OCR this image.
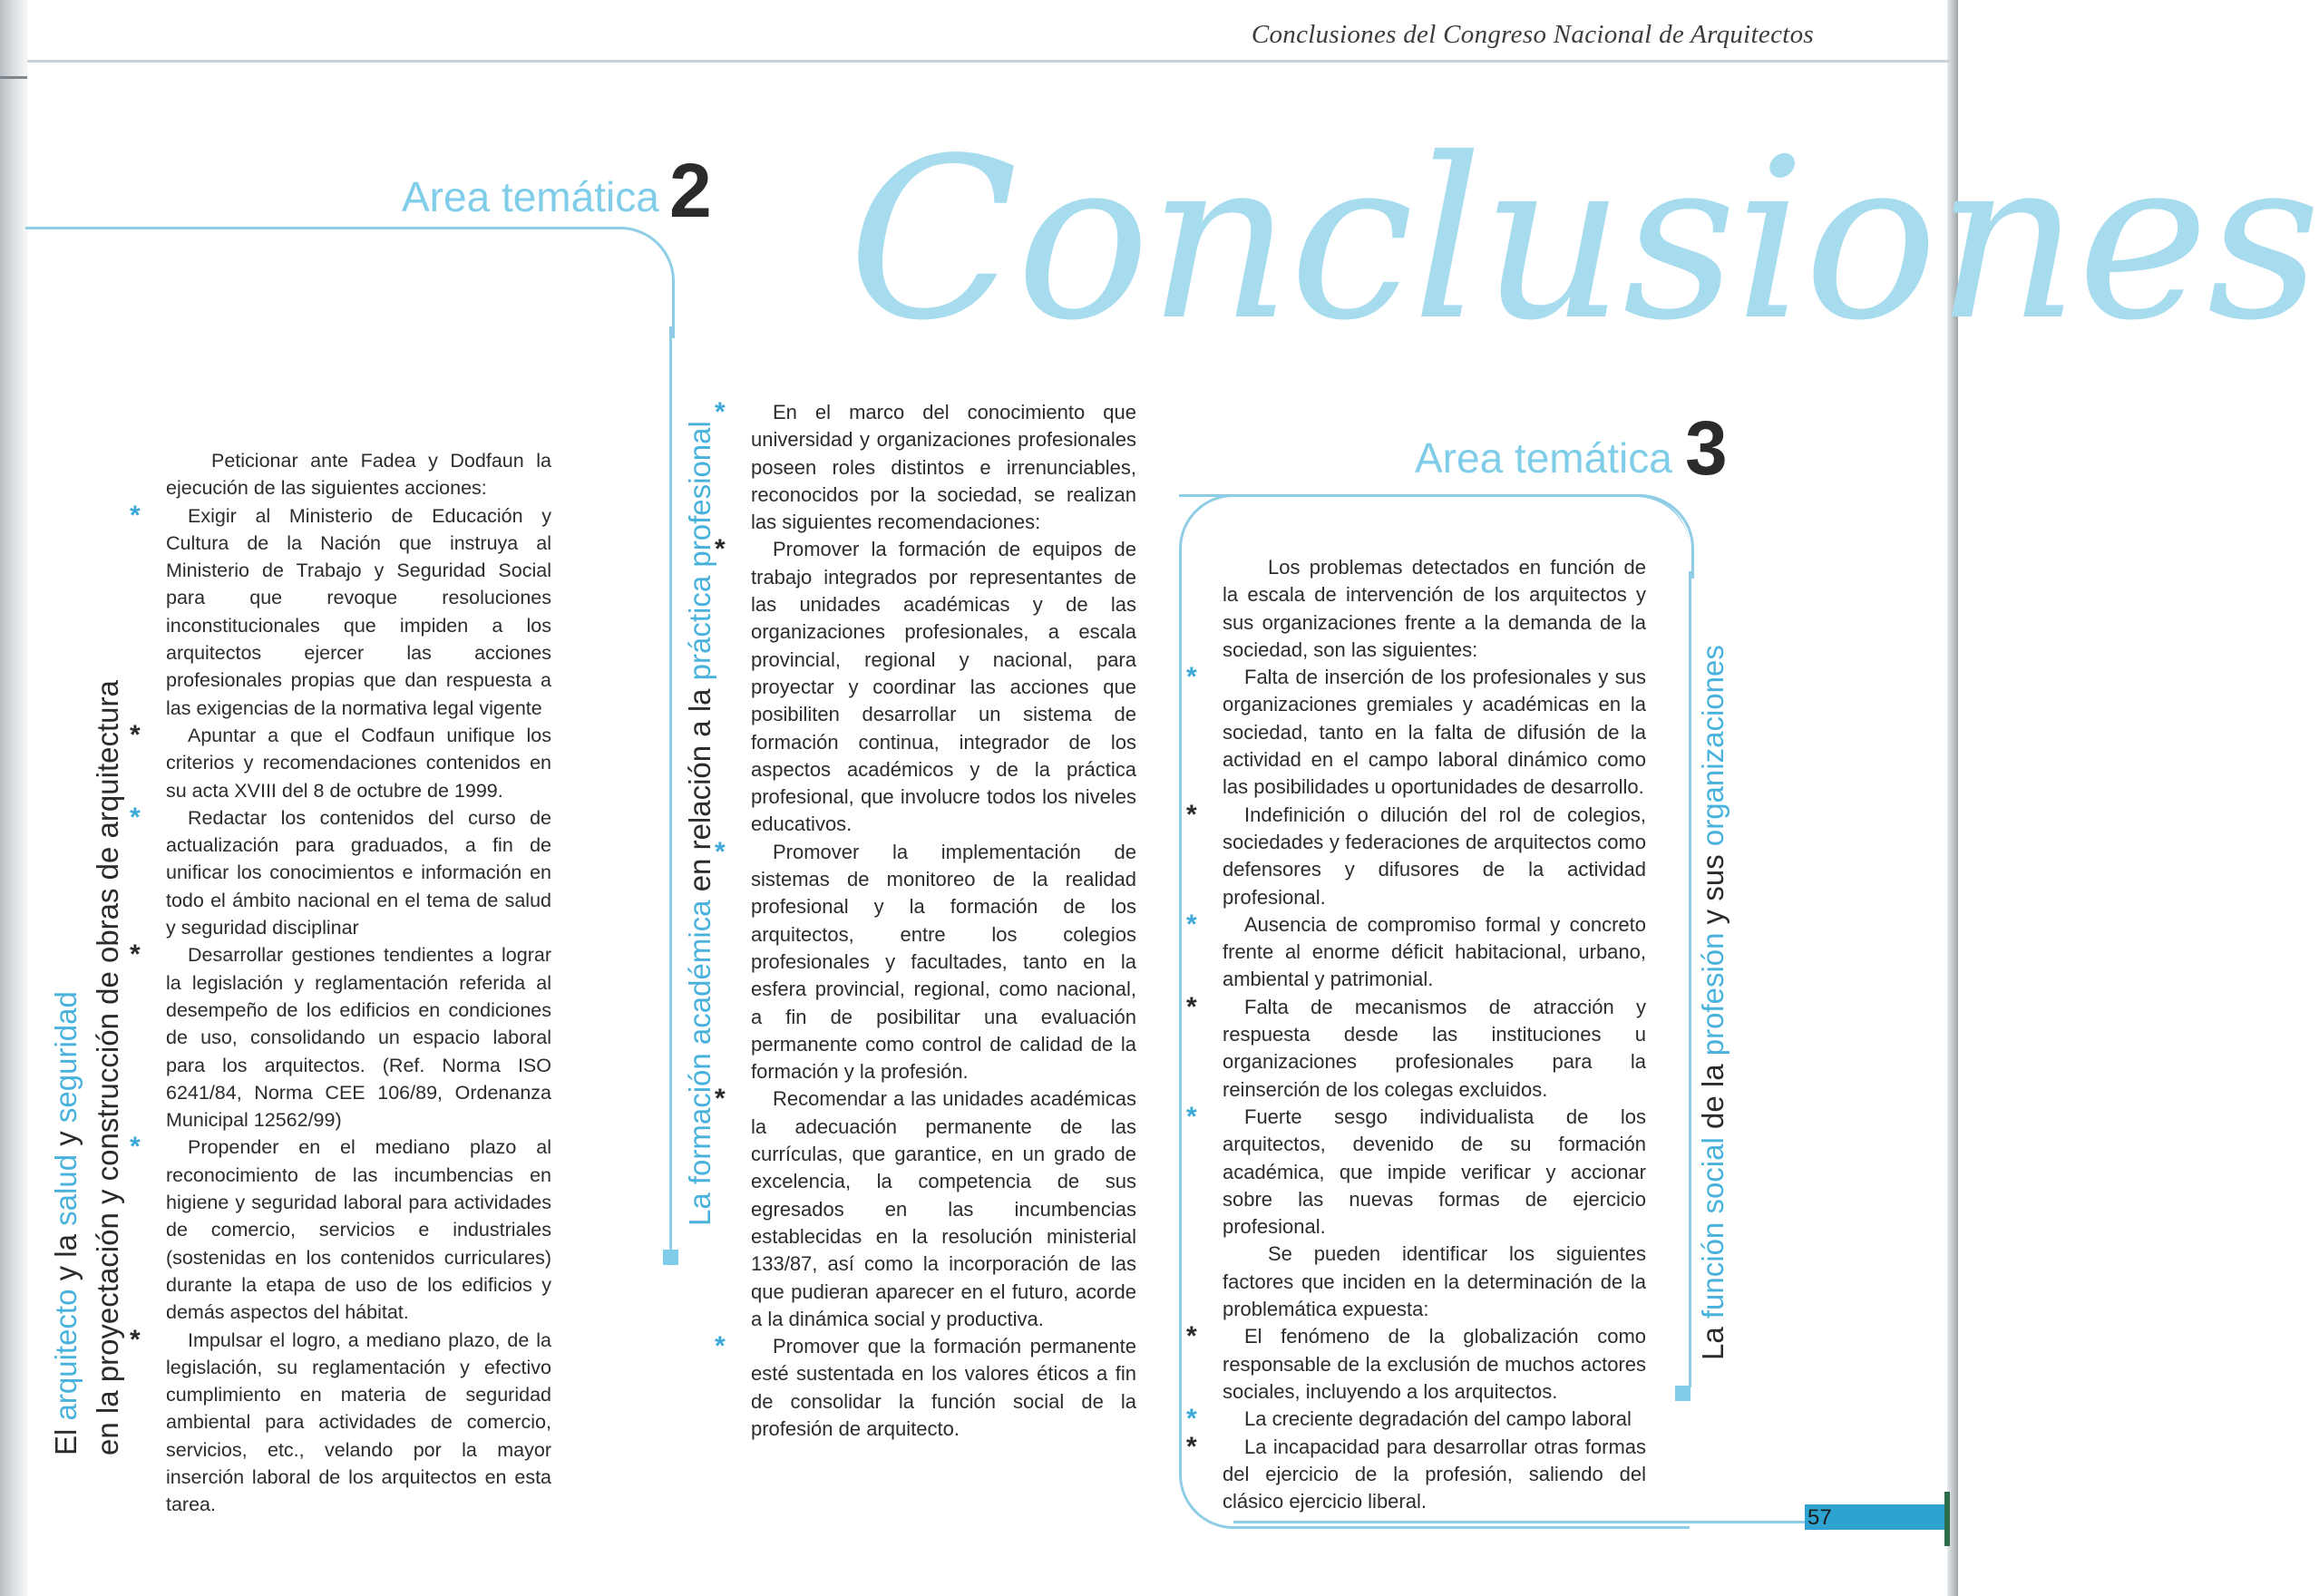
Conclusiones del Congreso Nacional de Arquitectos
Conclusiones
Area temática 2
La formación académica en relación a la práctica profesional
El arquitecto y la salud y seguridad en la proyectación y construcción de obras de arquitectura
Area temática 3
La función social de la profesión y sus organizaciones

Peticionar ante Fadea y Dodfaun la ejecución de las siguientes acciones:

* Exigir al Ministerio de Educación y Cultura de la Nación que instruya al Ministerio de Trabajo y Seguridad Social para que revoque resoluciones inconstitucionales que impiden a los arquitectos ejercer las acciones profesionales propias que dan respuesta a las exigencias de la normativa legal vigente

* Apuntar a que el Codfaun unifique los criterios y recomendaciones contenidos en su acta XVIII del 8 de octubre de 1999.

* Redactar los contenidos del curso de actualización para graduados, a fin de unificar los conocimientos e información en todo el ámbito nacional en el tema de salud y seguridad disciplinar

* Desarrollar gestiones tendientes a lograr la legislación y reglamentación referida al desempeño de los edificios en condiciones de uso, consolidando un espacio laboral para los arquitectos. (Ref. Norma ISO 6241/84, Norma CEE 106/89, Ordenanza Municipal 12562/99)

* Propender en el mediano plazo al reconocimiento de las incumbencias en higiene y seguridad laboral para actividades de comercio, servicios e industriales (sostenidas en los contenidos curriculares) durante la etapa de uso de los edificios y demás aspectos del hábitat.

* Impulsar el logro, a mediano plazo, de la legislación, su reglamentación y efectivo cumplimiento en materia de seguridad ambiental para actividades de comercio, servicios, etc., velando por la mayor inserción laboral de los arquitectos en esta tarea.

* En el marco del conocimiento que universidad y organizaciones profesionales poseen roles distintos e irrenunciables, reconocidos por la sociedad, se realizan las siguientes recomendaciones:

* Promover la formación de equipos de trabajo integrados por representantes de las unidades académicas y de las organizaciones profesionales, a escala provincial, regional y nacional, para proyectar y coordinar las acciones que posibiliten desarrollar un sistema de formación continua, integrador de los aspectos académicos y de la práctica profesional, que involucre todos los niveles educativos.

* Promover la implementación de sistemas de monitoreo de la realidad profesional y la formación de los arquitectos, entre los colegios profesionales y facultades, tanto en la esfera provincial, regional, como nacional, a fin de posibilitar una evaluación permanente como control de calidad de la formación y la profesión.

* Recomendar a las unidades académicas la adecuación permanente de las currículas, que garantice, en un grado de excelencia, la competencia de sus egresados en las incumbencias establecidas en la resolución ministerial 133/87, así como la incorporación de las que pudieran aparecer en el futuro, acorde a la dinámica social y productiva.

* Promover que la formación permanente esté sustentada en los valores éticos a fin de consolidar la función social de la profesión de arquitecto.

Los problemas detectados en función de la escala de intervención de los arquitectos y sus organizaciones frente a la demanda de la sociedad, son las siguientes:

* Falta de inserción de los profesionales y sus organizaciones gremiales y académicas en la sociedad, tanto en la falta de difusión de la actividad en el campo laboral dinámico como las posibilidades u oportunidades de desarrollo.

* Indefinición o dilución del rol de colegios, sociedades y federaciones de arquitectos como defensores y difusores de la actividad profesional.

* Ausencia de compromiso formal y concreto frente al enorme déficit habitacional, urbano, ambiental y patrimonial.

* Falta de mecanismos de atracción y respuesta desde las instituciones u organizaciones profesionales para la reinserción de los colegas excluidos.

* Fuerte sesgo individualista de los arquitectos, devenido de su formación académica, que impide verificar y accionar sobre las nuevas formas de ejercicio profesional.

Se pueden identificar los siguientes factores que inciden en la determinación de la problemática expuesta:

* El fenómeno de la globalización como responsable de la exclusión de muchos actores sociales, incluyendo a los arquitectos.

* La creciente degradación del campo laboral

* La incapacidad para desarrollar otras formas del ejercicio de la profesión, saliendo del clásico ejercicio liberal.

57
